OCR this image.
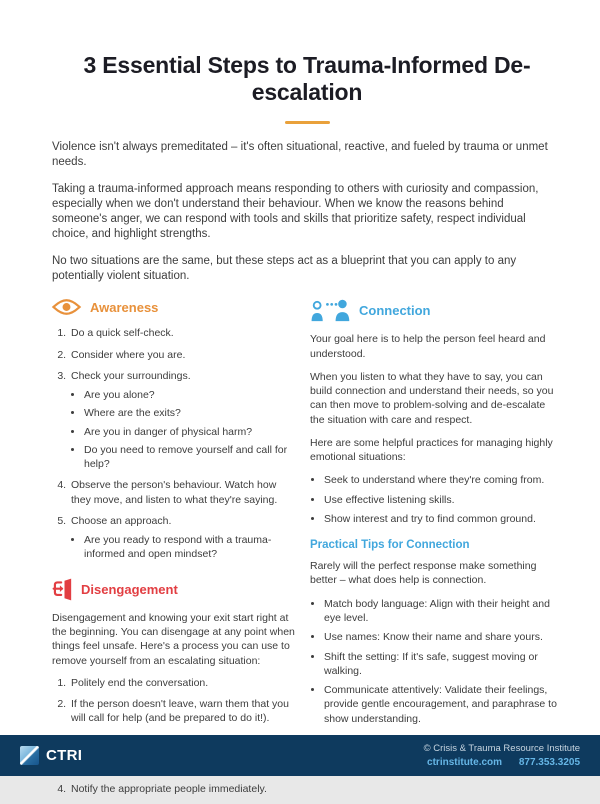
3 Essential Steps to Trauma-Informed De-escalation

Violence isn't always premeditated – it's often situational, reactive, and fueled by trauma or unmet needs.

Taking a trauma-informed approach means responding to others with curiosity and compassion, especially when we don't understand their behaviour. When we know the reasons behind someone's anger, we can respond with tools and skills that prioritize safety, respect individual choice, and highlight strengths.

No two situations are the same, but these steps act as a blueprint that you can apply to any potentially violent situation.

Awareness
1. Do a quick self-check.
2. Consider where you are.
3. Check your surroundings.
• Are you alone?
• Where are the exits?
• Are you in danger of physical harm?
• Do you need to remove yourself and call for help?
4. Observe the person's behaviour. Watch how they move, and listen to what they're saying.
5. Choose an approach.
• Are you ready to respond with a trauma-informed and open mindset?
Disengagement

Disengagement and knowing your exit start right at the beginning. You can disengage at any point when things feel unsafe. Here's a process you can use to remove yourself from an escalating situation:

1. Politely end the conversation.
2. If the person doesn't leave, warn them that you will call for help (and be prepared to do it!).
3.
4. Notify the appropriate people immediately.
Connection

Your goal here is to help the person feel heard and understood.

When you listen to what they have to say, you can build connection and understand their needs, so you can then move to problem-solving and de-escalate the situation with care and respect.

Here are some helpful practices for managing highly emotional situations:

• Seek to understand where they're coming from.
• Use effective listening skills.
• Show interest and try to find common ground.
Practical Tips for Connection

Rarely will the perfect response make something better – what does help is connection.

• Match body language: Align with their height and eye level.
• Use names: Know their name and share yours.
• Shift the setting: If it's safe, suggest moving or walking.
• Communicate attentively: Validate their feelings, provide gentle encouragement, and paraphrase to show understanding.
CTRI	© Crisis & Trauma Resource Institute
ctrinstitute.com 877.353.3205
